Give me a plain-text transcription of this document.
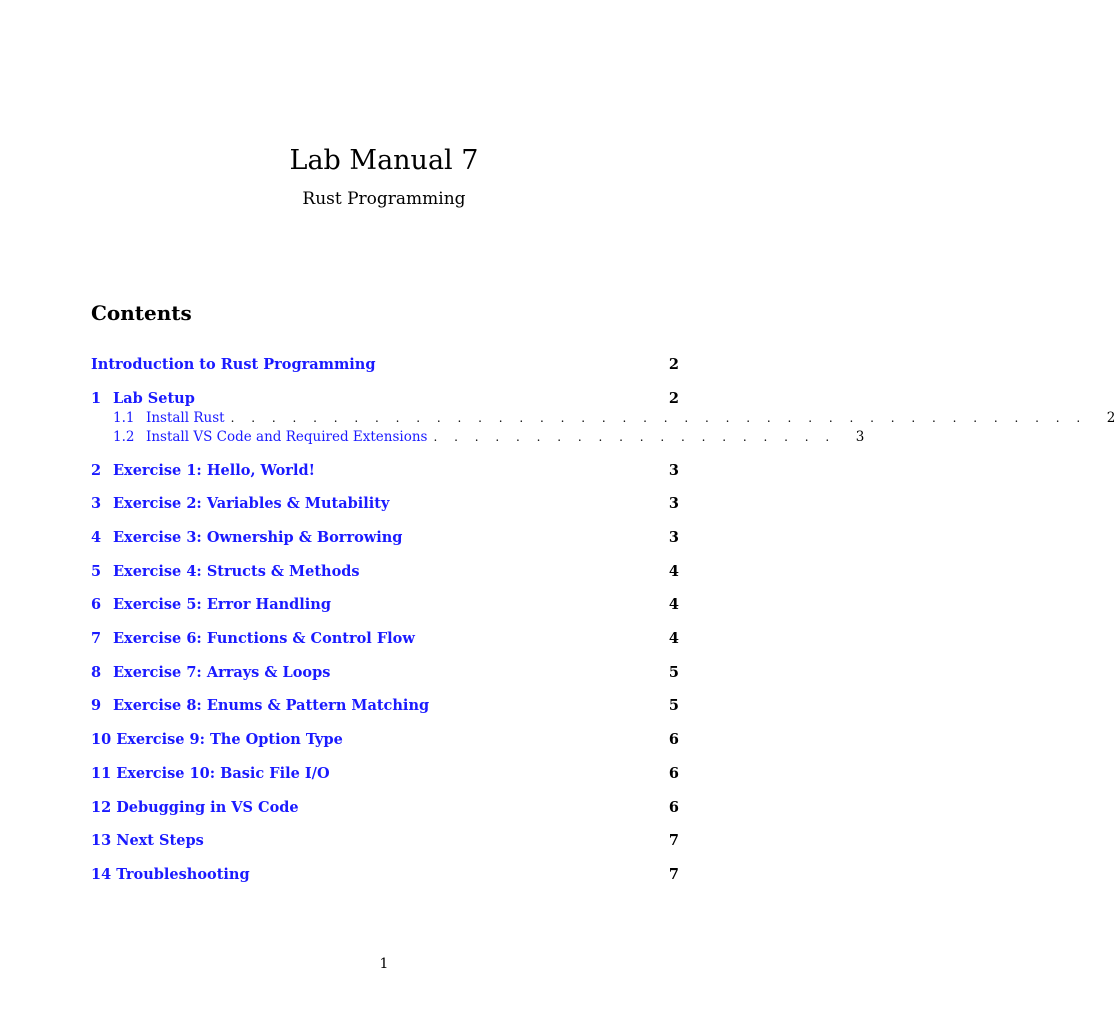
Lab Manual 7
Rust Programming
Contents
Introduction to Rust Programming	2
1 Lab Setup	2
1.1 Install Rust . . . . . . . . . . . . . . . . . . . . . . . . . . . . . . . . . . . . . . . . . . 2
1.2 Install VS Code and Required Extensions . . . . . . . . . . . . . . . . . . . . 3
2 Exercise 1: Hello, World!	3
3 Exercise 2: Variables & Mutability	3
4 Exercise 3: Ownership & Borrowing	3
5 Exercise 4: Structs & Methods	4
6 Exercise 5: Error Handling	4
7 Exercise 6: Functions & Control Flow	4
8 Exercise 7: Arrays & Loops	5
9 Exercise 8: Enums & Pattern Matching	5
10 Exercise 9: The Option Type	6
11 Exercise 10: Basic File I/O	6
12 Debugging in VS Code	6
13 Next Steps	7
14 Troubleshooting	7
1
